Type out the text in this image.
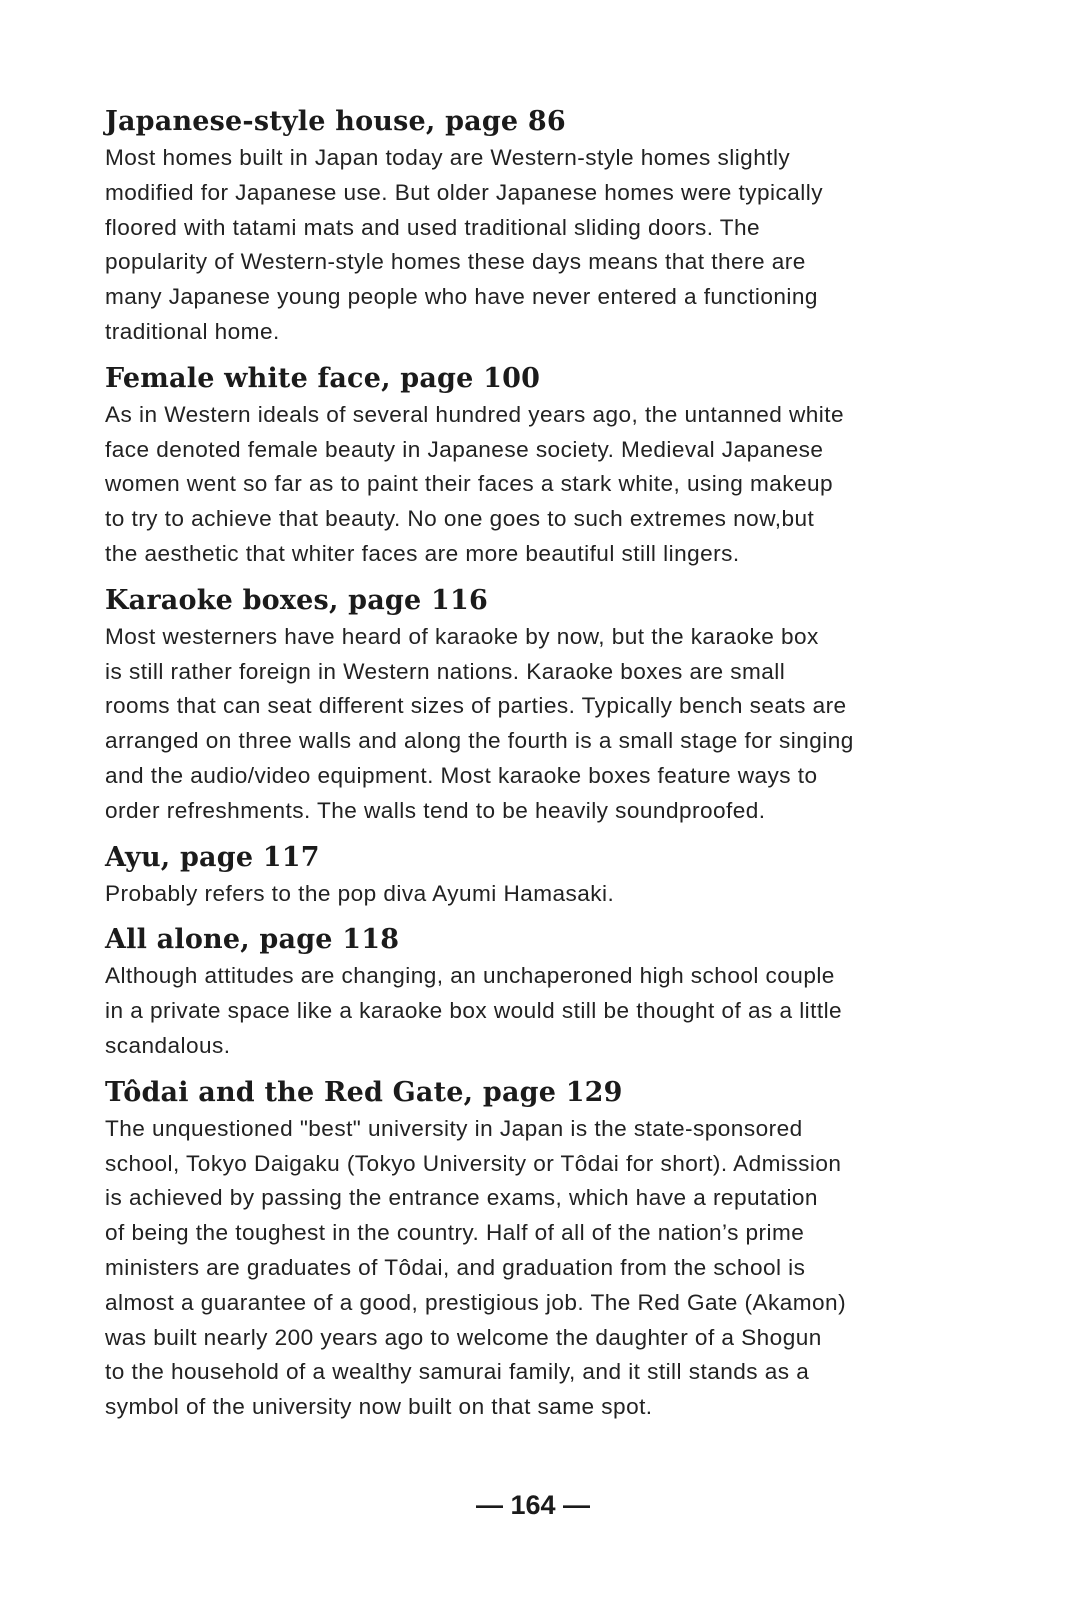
Japanese-style house, page 86

Most homes built in Japan today are Western-style homes slightly
modified for Japanese use. But older Japanese homes were typically
floored with tatami mats and used traditional sliding doors. The
popularity of Western-style homes these days means that there are
many Japanese young people who have never entered a functioning
traditional home.

Female white face, page 100

As in Western ideals of several hundred years ago, the untanned white
face denoted female beauty in Japanese society. Medieval Japanese
women went so far as to paint their faces a stark white, using makeup
to try to achieve that beauty. No one goes to such extremes now,but
the aesthetic that whiter faces are more beautiful still lingers.

Karaoke boxes, page 116

Most westerners have heard of karaoke by now, but the karaoke box
is still rather foreign in Western nations. Karaoke boxes are small
rooms that can seat different sizes of parties. Typically bench seats are
arranged on three walls and along the fourth is a small stage for singing
and the audio/video equipment. Most karaoke boxes feature ways to
order refreshments. The walls tend to be heavily soundproofed.

Ayu, page 117

Probably refers to the pop diva Ayumi Hamasaki.

All alone, page 118

Although attitudes are changing, an unchaperoned high school couple
in a private space like a karaoke box would still be thought of as a little
scandalous.

Tôdai and the Red Gate, page 129

The unquestioned "best" university in Japan is the state-sponsored
school, Tokyo Daigaku (Tokyo University or Tôdai for short). Admission
is achieved by passing the entrance exams, which have a reputation
of being the toughest in the country. Half of all of the nation’s prime
ministers are graduates of Tôdai, and graduation from the school is
almost a guarantee of a good, prestigious job. The Red Gate (Akamon)
was built nearly 200 years ago to welcome the daughter of a Shogun
to the household of a wealthy samurai family, and it still stands as a
symbol of the university now built on that same spot.

— 164 —
